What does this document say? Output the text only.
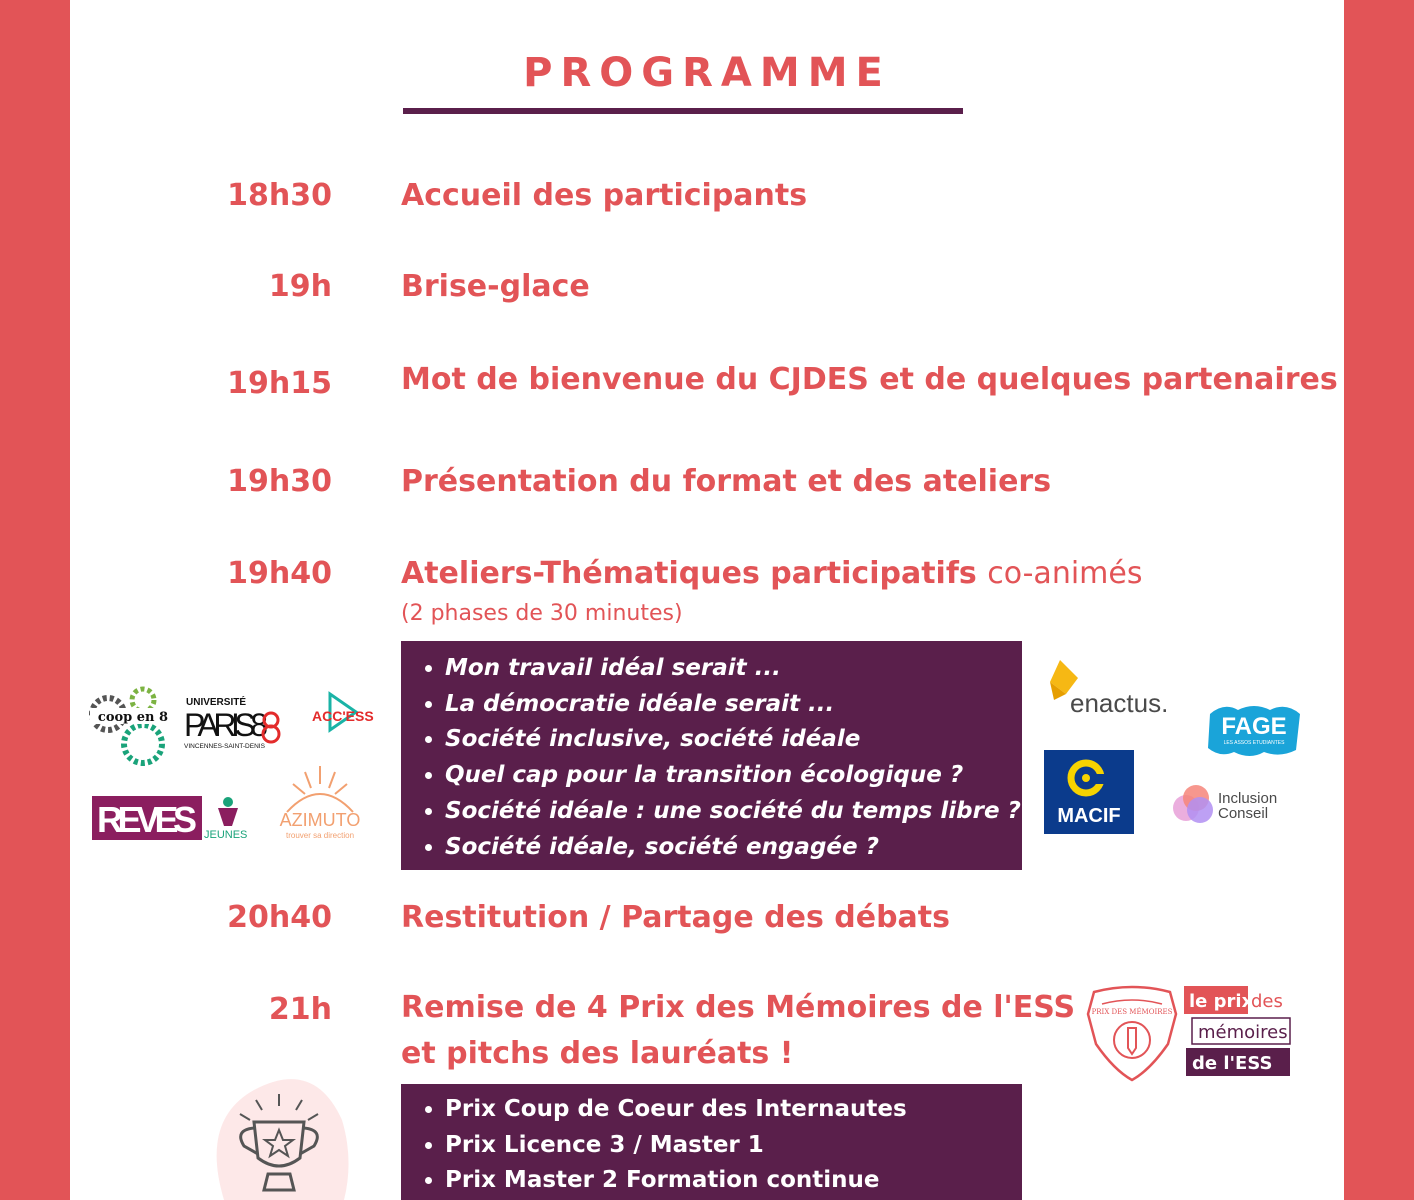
PROGRAMME
18h30 Accueil des participants
19h Brise-glace
19h15 Mot de bienvenue du CJDES et de quelques partenaires
19h30 Présentation du format et des ateliers
19h40 Ateliers-Thématiques participatifs co-animés
(2 phases de 30 minutes)
• Mon travail idéal serait ...
• La démocratie idéale serait ...
• Société inclusive, société idéale
• Quel cap pour la transition écologique ?
• Société idéale : une société du temps libre ?
• Société idéale, société engagée ?
coop en 8
UNIVERSITÉ
PARIS8
VINCENNES-SAINT-DENIS
ACC'ESS
REVES JEUNES
AZIMUTO
trouver sa direction
enactus.
FAGE
LES ASSOS ETUDIANTES
MACIF
Inclusion
Conseil
20h40 Restitution / Partage des débats
21h Remise de 4 Prix des Mémoires de l'ESS
et pitchs des lauréats !
• Prix Coup de Coeur des Internautes
• Prix Licence 3 / Master 1
• Prix Master 2 Formation continue
PRIX DES MÉMOIRES le prix
des
mémoires
de l'ESS
